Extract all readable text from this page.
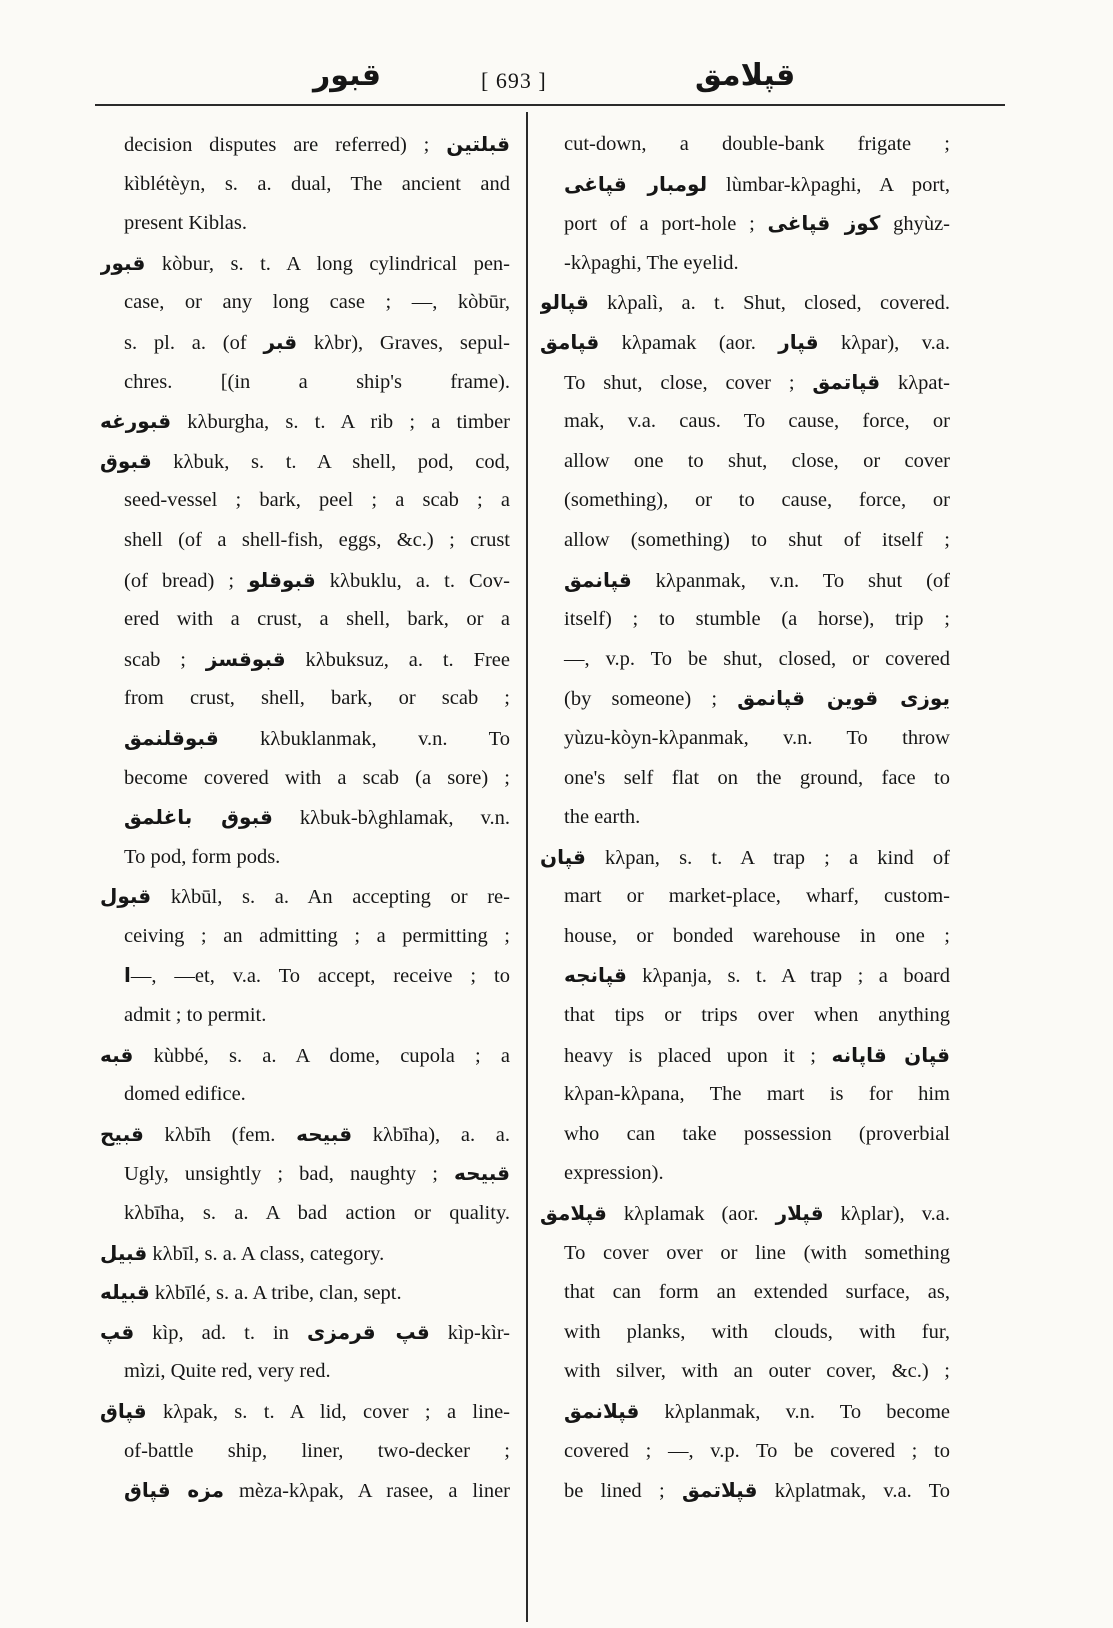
قبور	[ 693 ]	قپلامق
decision disputes are referred) ; قبلتين
kìblétèyn, s. a. dual, The ancient and
present Kiblas.
قبور kòbur, s. t. A long cylindrical pen-
case, or any long case ; —, kòbūr,
s. pl. a. (of قبر kλbr), Graves, sepul-
chres. [(in a ship's frame).
قبورغه kλburgha, s. t. A rib ; a timber
قبوق kλbuk, s. t. A shell, pod, cod,
seed-vessel ; bark, peel ; a scab ; a
shell (of a shell-fish, eggs, &c.) ; crust
(of bread) ; قبوقلو kλbuklu, a. t. Cov-
ered with a crust, a shell, bark, or a
scab ; قبوقسز kλbuksuz, a. t. Free
from crust, shell, bark, or scab ;
قبوقلنمق kλbuklanmak, v.n. To
become covered with a scab (a sore) ;
قبوق باغلمق kλbuk-bλghlamak, v.n.
To pod, form pods.
قبول kλbūl, s. a. An accepting or re-
ceiving ; an admitting ; a permitting ;
ا—, —et, v.a. To accept, receive ; to
admit ; to permit.
قبه kùbbé, s. a. A dome, cupola ; a
domed edifice.
قبيح kλbīh (fem. قبيحه kλbīha), a. a.
Ugly, unsightly ; bad, naughty ; قبيحه
kλbīha, s. a. A bad action or quality.
قبيل kλbīl, s. a. A class, category.
قبيله kλbīlé, s. a. A tribe, clan, sept.
قپ kìp, ad. t. in قپ قرمزی kìp-kìr-
mìzi, Quite red, very red.
قپاق kλpak, s. t. A lid, cover ; a line-
of-battle ship, liner, two-decker ;
مزه قپاق mèza-kλpak, A rasee, a liner
cut-down, a double-bank frigate ;
لومبار قپاغی lùmbar-kλpaghi, A port,
port of a port-hole ; کوز قپاغی ghyùz-
-kλpaghi, The eyelid.
قپالو kλpalì, a. t. Shut, closed, covered.
قپامق kλpamak (aor. قپار kλpar), v.a.
To shut, close, cover ; قپاتمق kλpat-
mak, v.a. caus. To cause, force, or
allow one to shut, close, or cover
(something), or to cause, force, or
allow (something) to shut of itself ;
قپانمق kλpanmak, v.n. To shut (of
itself) ; to stumble (a horse), trip ;
—, v.p. To be shut, closed, or covered
(by someone) ; يوزی قوين قپانمق
yùzu-kòyn-kλpanmak, v.n. To throw
one's self flat on the ground, face to
the earth.
قپان kλpan, s. t. A trap ; a kind of
mart or market-place, wharf, custom-
house, or bonded warehouse in one ;
قپانجه kλpanja, s. t. A trap ; a board
that tips or trips over when anything
heavy is placed upon it ; قپان قاپانه
kλpan-kλpana, The mart is for him
who can take possession (proverbial
expression).
قپلامق kλplamak (aor. قپلار kλplar), v.a.
To cover over or line (with something
that can form an extended surface, as,
with planks, with clouds, with fur,
with silver, with an outer cover, &c.) ;
قپلانمق kλplanmak, v.n. To become
covered ; —, v.p. To be covered ; to
be lined ; قپلاتمق kλplatmak, v.a. To
